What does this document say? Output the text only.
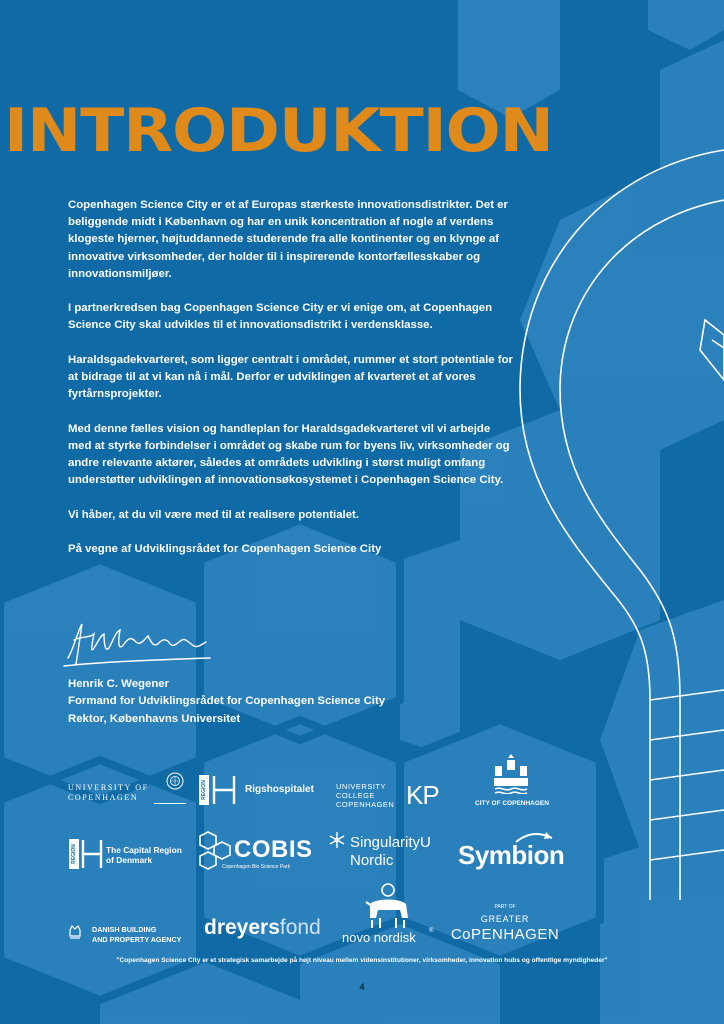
INTRODUKTION

Copenhagen Science City er et af Europas stærkeste innovationsdistrikter. Det er beliggende midt i København og har en unik koncentration af nogle af verdens klogeste hjerner, højtuddannede studerende fra alle kontinenter og en klynge af innovative virksomheder, der holder til i inspirerende kontorfællesskaber og innovationsmiljøer.

I partnerkredsen bag Copenhagen Science City er vi enige om, at Copenhagen Science City skal udvikles til et innovationsdistrikt i verdensklasse.

Haraldsgadekvarteret, som ligger centralt i området, rummer et stort potentiale for at bidrage til at vi kan nå i mål. Derfor er udviklingen af kvarteret et af vores fyrtårnsprojekter.

Med denne fælles vision og handleplan for Haraldsgadekvarteret vil vi arbejde med at styrke forbindelser i området og skabe rum for byens liv, virksomheder og andre relevante aktører, således at områdets udvikling i størst muligt omfang understøtter udviklingen af innovationsøkosystemet i Copenhagen Science City.

Vi håber, at du vil være med til at realisere potentialet.

På vegne af Udviklingsrådet for Copenhagen Science City

Henrik C. Wegener
Formand for Udviklingsrådet for Copenhagen Science City
Rektor, Københavns Universitet
UNIVERSITY OF
COPENHAGEN	REGION	Rigshospitalet	UNIVERSITY
COLLEGE
COPENHAGEN KP	CITY OF COPENHAGEN
REGION	The Capital Region
of Denmark	COBIS
Copenhagen Bio Science Park
SingularityU
Nordic Symbion
DANISH BUILDING
AND PROPERTY AGENCY
dreyersfond	novo nordisk ®
PART OF
GREATER
CoPENHAGEN
"Copenhagen Science City er et strategisk samarbejde på højt niveau mellem vidensinstitutioner, virksomheder, innovation hubs og offentlige myndigheder"
4
